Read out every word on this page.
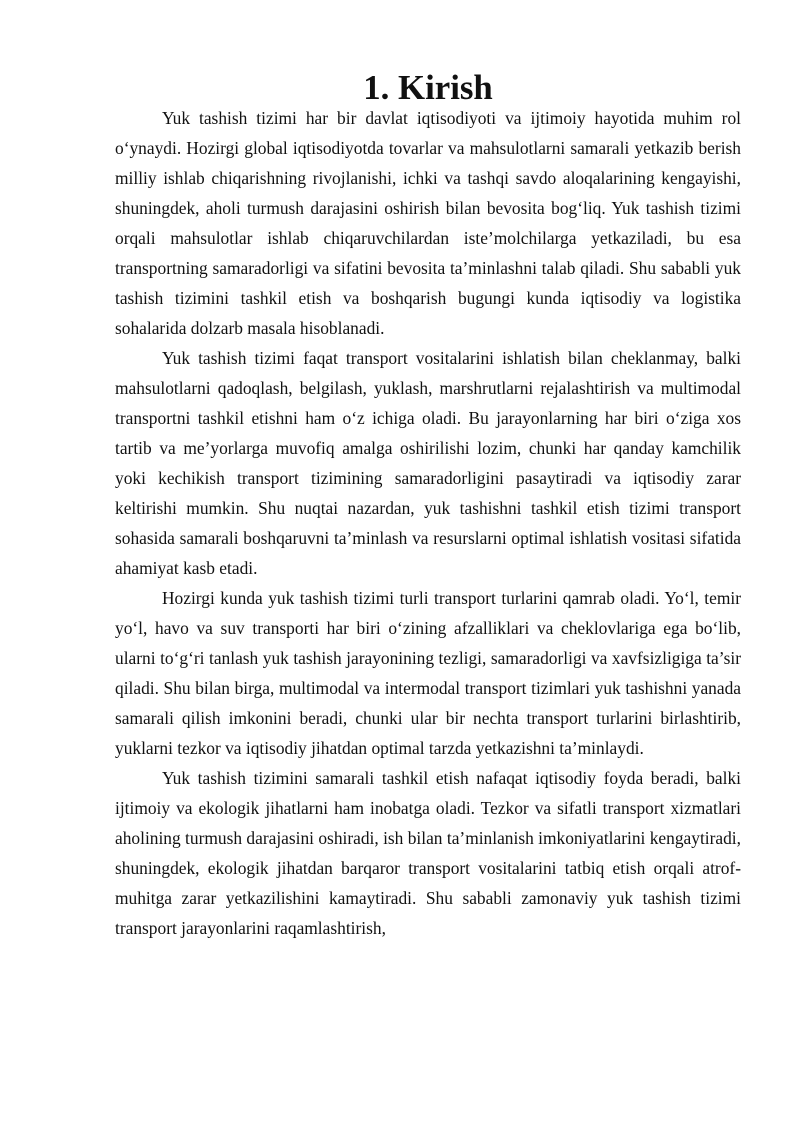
1. Kirish

Yuk tashish tizimi har bir davlat iqtisodiyoti va ijtimoiy hayotida muhim rol o‘ynaydi. Hozirgi global iqtisodiyotda tovarlar va mahsulotlarni samarali yetkazib berish milliy ishlab chiqarishning rivojlanishi, ichki va tashqi savdo aloqalarining kengayishi, shuningdek, aholi turmush darajasini oshirish bilan bevosita bog‘liq. Yuk tashish tizimi orqali mahsulotlar ishlab chiqaruvchilardan iste’molchilarga yetkaziladi, bu esa transportning samaradorligi va sifatini bevosita ta’minlashni talab qiladi. Shu sababli yuk tashish tizimini tashkil etish va boshqarish bugungi kunda iqtisodiy va logistika sohalarida dolzarb masala hisoblanadi.

Yuk tashish tizimi faqat transport vositalarini ishlatish bilan cheklanmay, balki mahsulotlarni qadoqlash, belgilash, yuklash, marshrutlarni rejalashtirish va multimodal transportni tashkil etishni ham o‘z ichiga oladi. Bu jarayonlarning har biri o‘ziga xos tartib va me’yorlarga muvofiq amalga oshirilishi lozim, chunki har qanday kamchilik yoki kechikish transport tizimining samaradorligini pasaytiradi va iqtisodiy zarar keltirishi mumkin. Shu nuqtai nazardan, yuk tashishni tashkil etish tizimi transport sohasida samarali boshqaruvni ta’minlash va resurslarni optimal ishlatish vositasi sifatida ahamiyat kasb etadi.

Hozirgi kunda yuk tashish tizimi turli transport turlarini qamrab oladi. Yo‘l, temir yo‘l, havo va suv transporti har biri o‘zining afzalliklari va cheklovlariga ega bo‘lib, ularni to‘g‘ri tanlash yuk tashish jarayonining tezligi, samaradorligi va xavfsizligiga ta’sir qiladi. Shu bilan birga, multimodal va intermodal transport tizimlari yuk tashishni yanada samarali qilish imkonini beradi, chunki ular bir nechta transport turlarini birlashtirib, yuklarni tezkor va iqtisodiy jihatdan optimal tarzda yetkazishni ta’minlaydi.

Yuk tashish tizimini samarali tashkil etish nafaqat iqtisodiy foyda beradi, balki ijtimoiy va ekologik jihatlarni ham inobatga oladi. Tezkor va sifatli transport xizmatlari aholining turmush darajasini oshiradi, ish bilan ta’minlanish imkoniyatlarini kengaytiradi, shuningdek, ekologik jihatdan barqaror transport vositalarini tatbiq etish orqali atrof-muhitga zarar yetkazilishini kamaytiradi. Shu sababli zamonaviy yuk tashish tizimi transport jarayonlarini raqamlashtirish,
